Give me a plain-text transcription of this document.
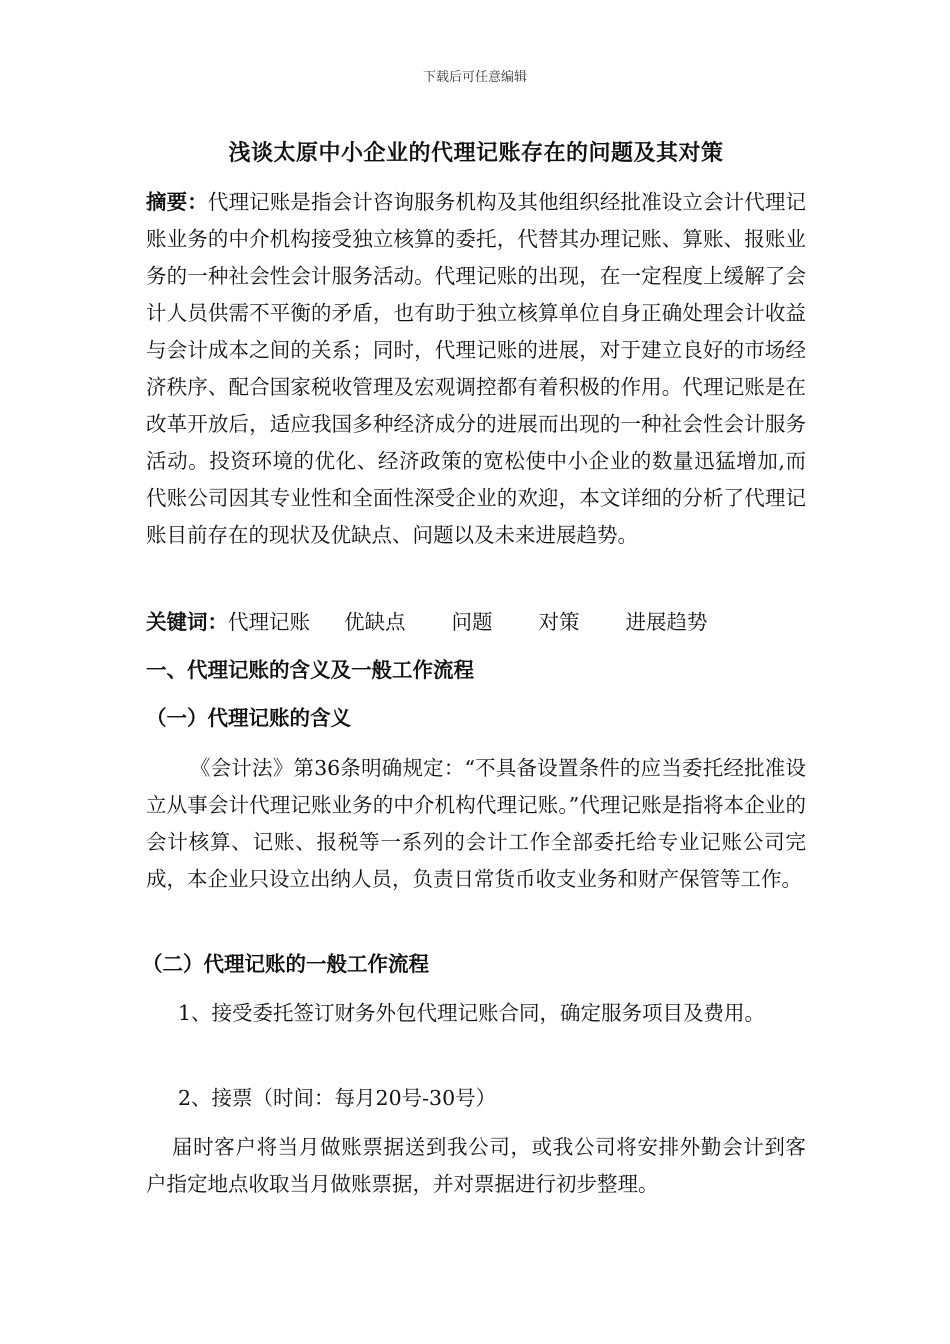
下载后可任意编辑
浅谈太原中小企业的代理记账存在的问题及其对策
摘要：代理记账是指会计咨询服务机构及其他组织经批准设立会计代理记账业务的中介机构接受独立核算的委托，代替其办理记账、算账、报账业务的一种社会性会计服务活动。代理记账的出现，在一定程度上缓解了会计人员供需不平衡的矛盾，也有助于独立核算单位自身正确处理会计收益与会计成本之间的关系；同时，代理记账的进展，对于建立良好的市场经济秩序、配合国家税收管理及宏观调控都有着积极的作用。代理记账是在改革开放后，适应我国多种经济成分的进展而出现的一种社会性会计服务活动。投资环境的优化、经济政策的宽松使中小企业的数量迅猛增加,而代账公司因其专业性和全面性深受企业的欢迎，本文详细的分析了代理记账目前存在的现状及优缺点、问题以及未来进展趋势。
关键词：代理记账 优缺点 问题 对策 进展趋势
一、代理记账的含义及一般工作流程
（一）代理记账的含义
《会计法》第36条明确规定：“不具备设置条件的应当委托经批准设立从事会计代理记账业务的中介机构代理记账。”代理记账是指将本企业的会计核算、记账、报税等一系列的会计工作全部委托给专业记账公司完成，本企业只设立出纳人员，负责日常货币收支业务和财产保管等工作。
（二）代理记账的一般工作流程
1、接受委托签订财务外包代理记账合同，确定服务项目及费用。
2、接票（时间：每月20号-30号）
届时客户将当月做账票据送到我公司，或我公司将安排外勤会计到客户指定地点收取当月做账票据，并对票据进行初步整理。
